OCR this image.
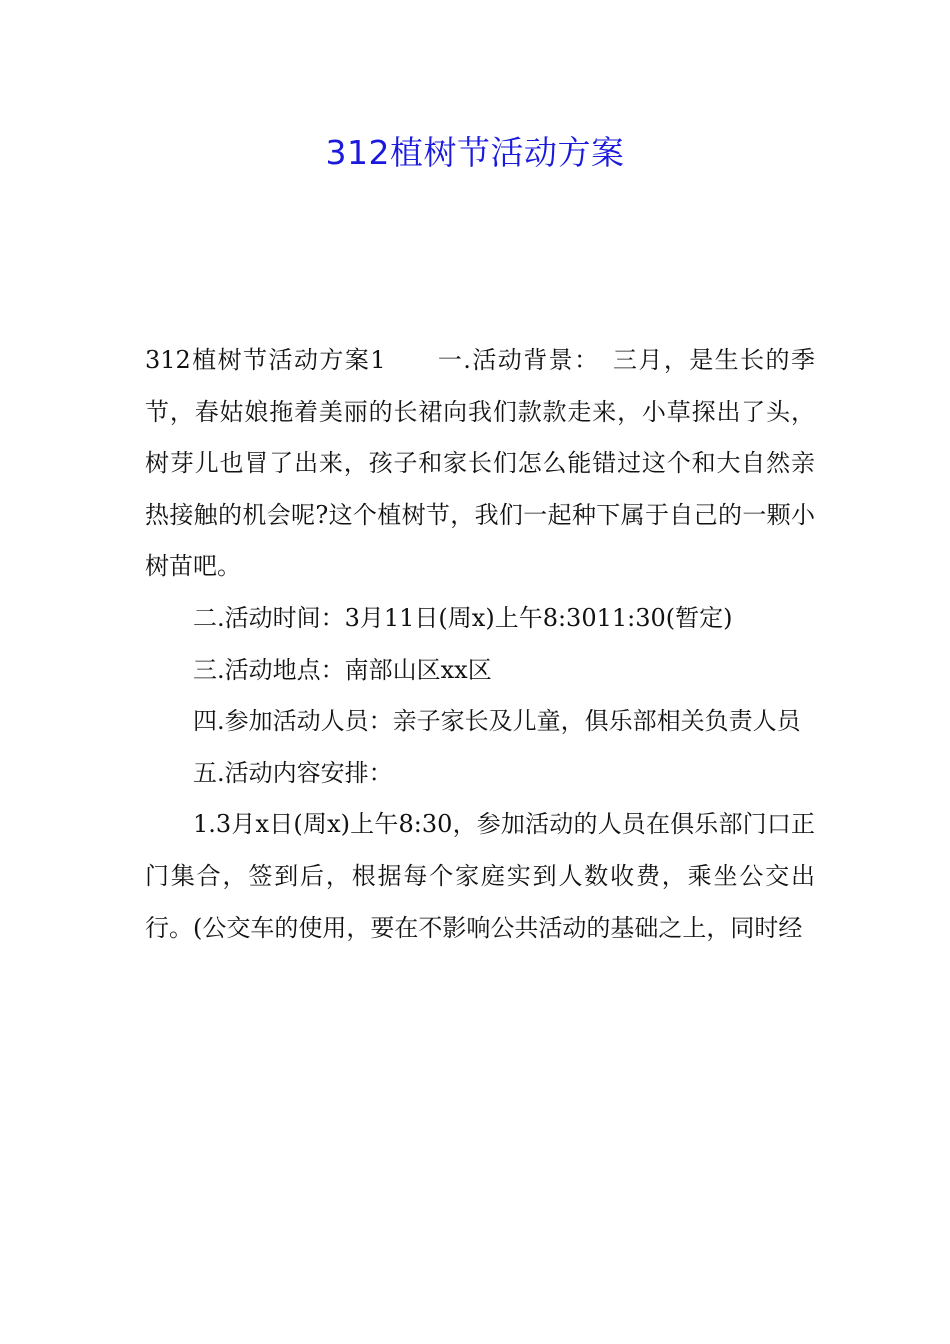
312植树节活动方案

312植树节活动方案1　　一.活动背景：　三月，是生长的季节，春姑娘拖着美丽的长裙向我们款款走来，小草探出了头，树芽儿也冒了出来，孩子和家长们怎么能错过这个和大自然亲热接触的机会呢?这个植树节，我们一起种下属于自己的一颗小树苗吧。

二.活动时间：3月11日(周x)上午8:3011:30(暂定)

三.活动地点：南部山区xx区

四.参加活动人员：亲子家长及儿童，俱乐部相关负责人员

五.活动内容安排：

1.3月x日(周x)上午8:30，参加活动的人员在俱乐部门口正门集合，签到后，根据每个家庭实到人数收费，乘坐公交出行。(公交车的使用，要在不影响公共活动的基础之上，同时经
